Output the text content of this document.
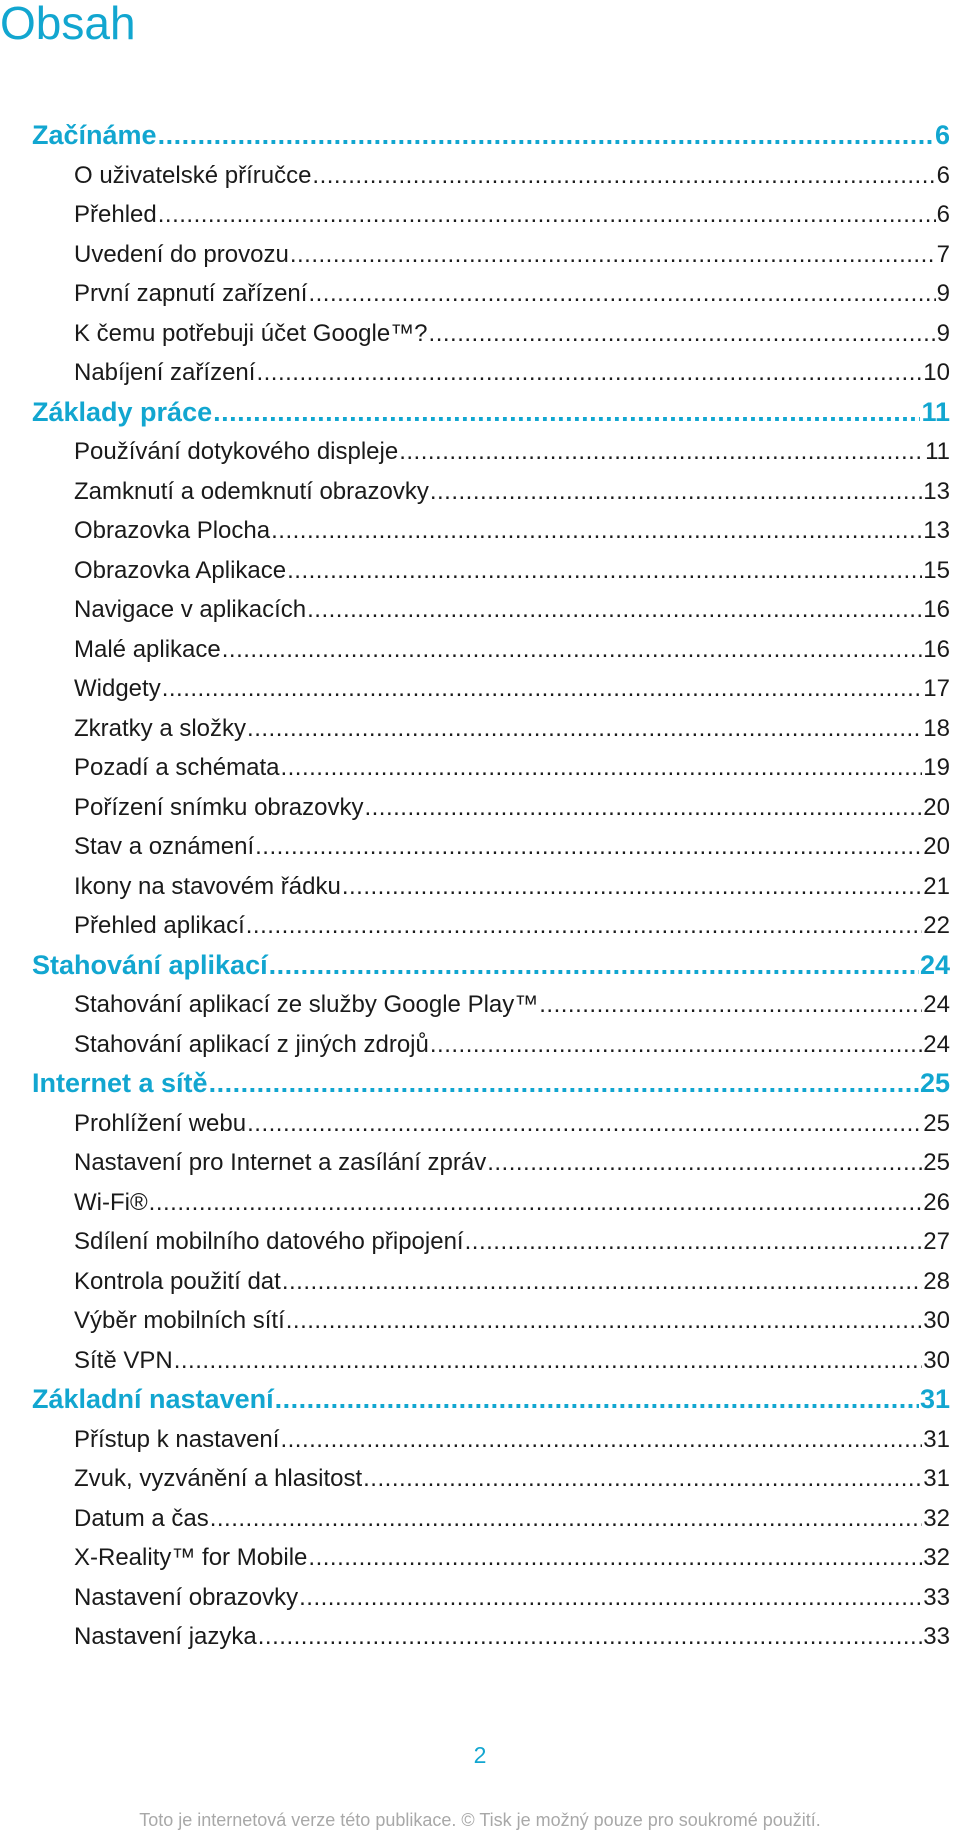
Obsah
Začínáme .....	6
O uživatelské příručce .....	6
Přehled .....	6
Uvedení do provozu .....	7
První zapnutí zařízení .....	9
K čemu potřebuji účet Google™? .....	9
Nabíjení zařízení .....	10
Základy práce .....	11
Používání dotykového displeje .....	11
Zamknutí a odemknutí obrazovky .....	13
Obrazovka Plocha .....	13
Obrazovka Aplikace .....	15
Navigace v aplikacích .....	16
Malé aplikace .....	16
Widgety .....	17
Zkratky a složky .....	18
Pozadí a schémata .....	19
Pořízení snímku obrazovky .....	20
Stav a oznámení .....	20
Ikony na stavovém řádku .....	21
Přehled aplikací .....	22
Stahování aplikací .....	24
Stahování aplikací ze služby Google Play™ .....	24
Stahování aplikací z jiných zdrojů .....	24
Internet a sítě .....	25
Prohlížení webu .....	25
Nastavení pro Internet a zasílání zpráv .....	25
Wi-Fi® .....	26
Sdílení mobilního datového připojení .....	27
Kontrola použití dat .....	28
Výběr mobilních sítí .....	30
Sítě VPN .....	30
Základní nastavení .....	31
Přístup k nastavení .....	31
Zvuk, vyzvánění a hlasitost .....	31
Datum a čas .....	32
X-Reality™ for Mobile .....	32
Nastavení obrazovky .....	33
Nastavení jazyka .....	33
2
Toto je internetová verze této publikace. © Tisk je možný pouze pro soukromé použití.
